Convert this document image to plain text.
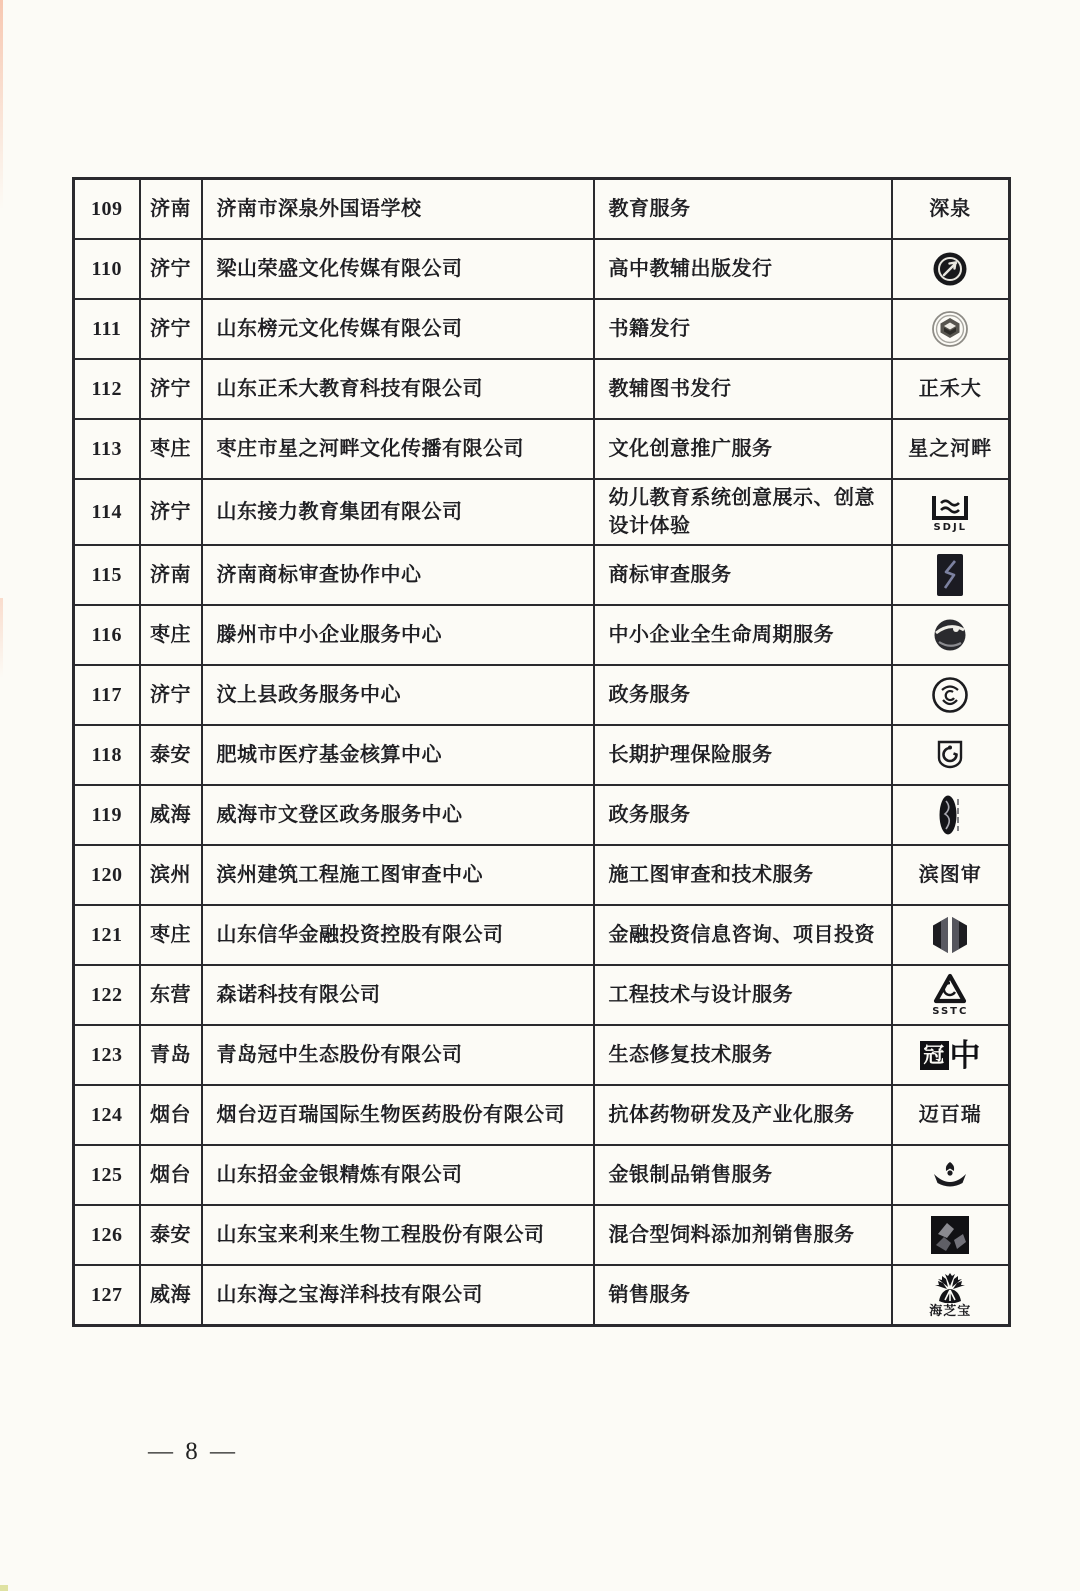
109	济南	济南市深泉外国语学校	教育服务	深泉
110	济宁	梁山荣盛文化传媒有限公司	高中教辅出版发行	
111	济宁	山东榜元文化传媒有限公司	书籍发行	
112	济宁	山东正禾大教育科技有限公司	教辅图书发行	正禾大
113	枣庄	枣庄市星之河畔文化传播有限公司	文化创意推广服务	星之河畔
114	济宁	山东接力教育集团有限公司	幼儿教育系统创意展示、创意设计体验	SDJL

115	济南	济南商标审查协作中心	商标审查服务	
116	枣庄	滕州市中小企业服务中心	中小企业全生命周期服务	
117	济宁	汶上县政务服务中心	政务服务	
118	泰安	肥城市医疗基金核算中心	长期护理保险服务	
119	威海	威海市文登区政务服务中心	政务服务	
120	滨州	滨州建筑工程施工图审查中心	施工图审查和技术服务	滨图审
121	枣庄	山东信华金融投资控股有限公司	金融投资信息咨询、项目投资	
122	东营	森诺科技有限公司	工程技术与设计服务	SSTC

123	青岛	青岛冠中生态股份有限公司	生态修复技术服务	冠 中

124	烟台	烟台迈百瑞国际生物医药股份有限公司	抗体药物研发及产业化服务	迈百瑞
125	烟台	山东招金金银精炼有限公司	金银制品销售服务	
126	泰安	山东宝来利来生物工程股份有限公司	混合型饲料添加剂销售服务	
127	威海	山东海之宝海洋科技有限公司	销售服务	海芝宝
— 8 —
